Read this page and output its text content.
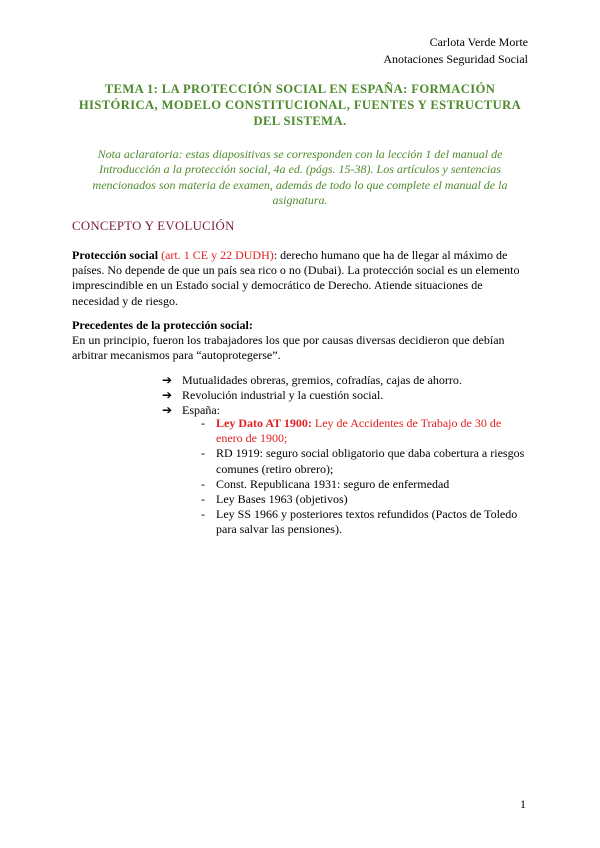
Carlota Verde Morte
Anotaciones Seguridad Social
TEMA 1: LA PROTECCIÓN SOCIAL EN ESPAÑA: FORMACIÓN HISTÓRICA, MODELO CONSTITUCIONAL, FUENTES Y ESTRUCTURA DEL SISTEMA.
Nota aclaratoria: estas diapositivas se corresponden con la lección 1 del manual de Introducción a la protección social, 4a ed. (págs. 15-38). Los artículos y sentencias mencionados son materia de examen, además de todo lo que complete el manual de la asignatura.
CONCEPTO Y EVOLUCIÓN
Protección social (art. 1 CE y 22 DUDH): derecho humano que ha de llegar al máximo de países. No depende de que un país sea rico o no (Dubai). La protección social es un elemento imprescindible en un Estado social y democrático de Derecho. Atiende situaciones de necesidad y de riesgo.
Precedentes de la protección social:
En un principio, fueron los trabajadores los que por causas diversas decidieron que debían arbitrar mecanismos para “autoprotegerse”.
➔ Mutualidades obreras, gremios, cofradías, cajas de ahorro.
➔ Revolución industrial y la cuestión social.
➔ España:
- Ley Dato AT 1900: Ley de Accidentes de Trabajo de 30 de enero de 1900;
- RD 1919: seguro social obligatorio que daba cobertura a riesgos comunes (retiro obrero);
- Const. Republicana 1931: seguro de enfermedad
- Ley Bases 1963 (objetivos)
- Ley SS 1966 y posteriores textos refundidos (Pactos de Toledo para salvar las pensiones).
1
